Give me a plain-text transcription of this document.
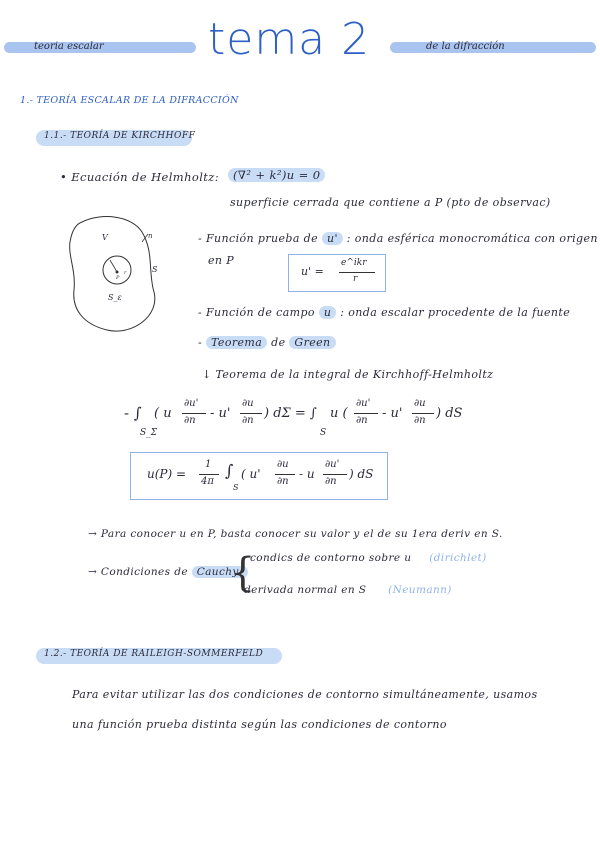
teoria escalar tema 2	de la difracción
1.- TEORÍA ESCALAR DE LA DIFRACCIÓN
1.1.- TEORÍA DE KIRCHHOFF
• Ecuación de Helmholtz:	(∇² + k²)u = 0
superficie cerrada que contiene a P (pto de observac)
V	n
S
P
S_ε
r
- Función prueba de u' : onda esférica monocromática con origen
en P
u' =
e^ikr
r
- Función de campo u : onda escalar procedente de la fuente
- Teorema de Green
↓ Teorema de la integral de Kirchhoff-Helmholtz
- ∫
S_Σ
( u
∂u'
∂n - u'
∂u
∂n ) dΣ = ∫
S
u (
∂u'
∂n - u'
∂u
∂n ) dS
u(P) =
1
4π
∫
S
( u'
∂u
∂n
- u
∂u'
∂n
) dS
→ Para conocer u en P, basta conocer su valor y el de su 1era deriv en S.
→ Condiciones de Cauchy:
{
condics de contorno sobre u (dirichlet)
derivada normal en S (Neumann)
1.2.- TEORÍA DE RAILEIGH-SOMMERFELD
Para evitar utilizar las dos condiciones de contorno simultáneamente, usamos
una función prueba distinta según las condiciones de contorno
